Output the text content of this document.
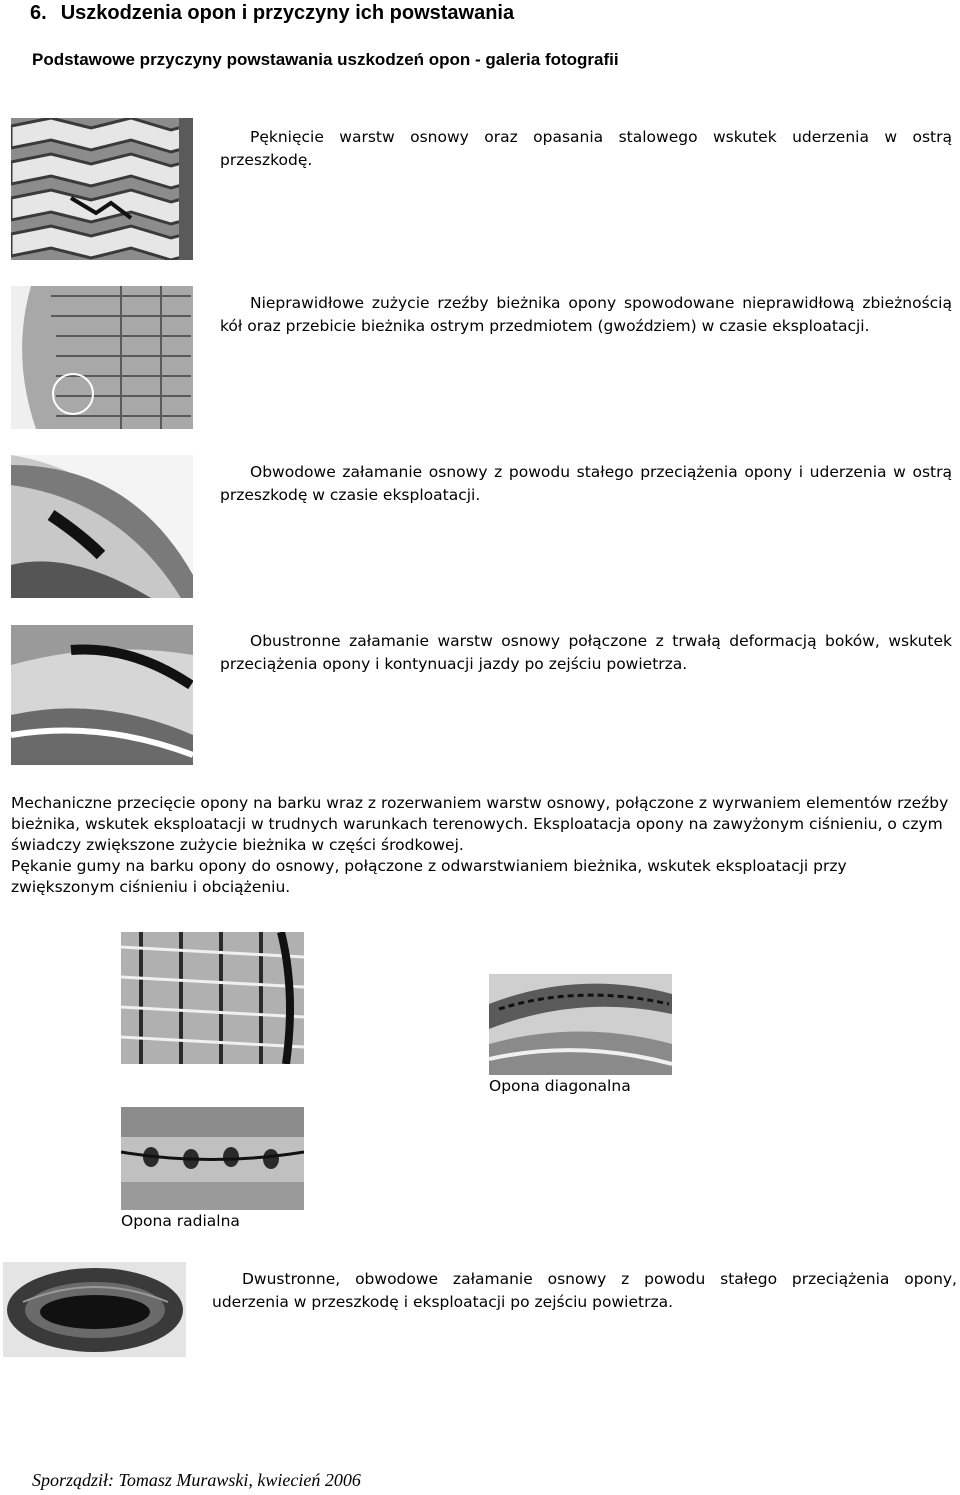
6. Uszkodzenia opon i przyczyny ich powstawania
Podstawowe przyczyny powstawania uszkodzeń opon - galeria fotografii

Pęknięcie warstw osnowy oraz opasania stalowego wskutek uderzenia w ostrą przeszkodę.

Nieprawidłowe zużycie rzeźby bieżnika opony spowodowane nieprawidłową zbieżnością kół oraz przebicie bieżnika ostrym przedmiotem (gwoździem) w czasie eksploatacji.

Obwodowe załamanie osnowy z powodu stałego przeciążenia opony i uderzenia w ostrą przeszkodę w czasie eksploatacji.

Obustronne załamanie warstw osnowy połączone z trwałą deformacją boków, wskutek przeciążenia opony i kontynuacji jazdy po zejściu powietrza.

Mechaniczne przecięcie opony na barku wraz z rozerwaniem warstw osnowy, połączone z wyrwaniem elementów rzeźby bieżnika, wskutek eksploatacji w trudnych warunkach terenowych. Eksploatacja opony na zawyżonym ciśnieniu, o czym świadczy zwiększone zużycie bieżnika w części środkowej.

Pękanie gumy na barku opony do osnowy, połączone z odwarstwianiem bieżnika, wskutek eksploatacji przy zwiększonym ciśnieniu i obciążeniu.

Opona diagonalna
Opona radialna

Dwustronne, obwodowe załamanie osnowy z powodu stałego przeciążenia opony, uderzenia w przeszkodę i eksploatacji po zejściu powietrza.

Sporządził: Tomasz Murawski, kwiecień 2006
